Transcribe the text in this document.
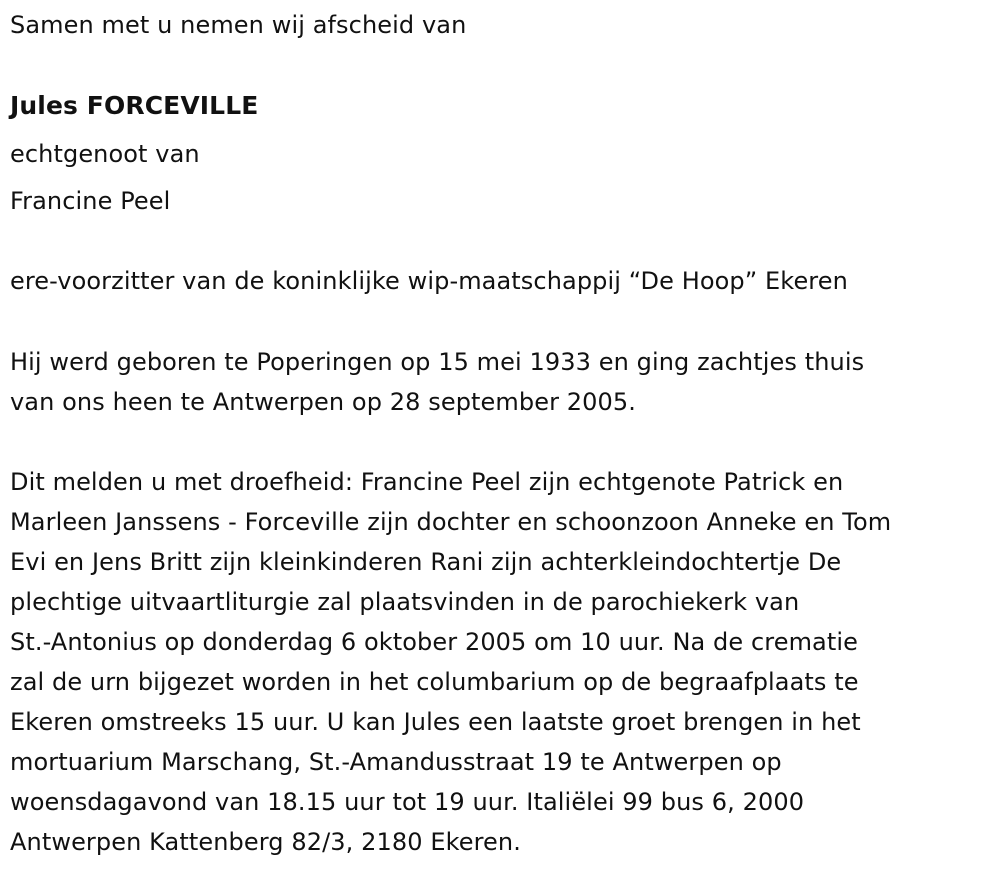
Samen met u nemen wij afscheid van
Jules FORCEVILLE
echtgenoot van
Francine Peel
ere-voorzitter van de koninklijke wip-maatschappij “De Hoop” Ekeren
Hij werd geboren te Poperingen op 15 mei 1933 en ging zachtjes thuis
van ons heen te Antwerpen op 28 september 2005.
Dit melden u met droefheid: Francine Peel zijn echtgenote Patrick en
Marleen Janssens - Forceville zijn dochter en schoonzoon Anneke en Tom
Evi en Jens Britt zijn kleinkinderen Rani zijn achterkleindochtertje De
plechtige uitvaartliturgie zal plaatsvinden in de parochiekerk van
St.-Antonius op donderdag 6 oktober 2005 om 10 uur. Na de crematie
zal de urn bijgezet worden in het columbarium op de begraafplaats te
Ekeren omstreeks 15 uur. U kan Jules een laatste groet brengen in het
mortuarium Marschang, St.-Amandusstraat 19 te Antwerpen op
woensdagavond van 18.15 uur tot 19 uur. Italiëlei 99 bus 6, 2000
Antwerpen Kattenberg 82/3, 2180 Ekeren.
